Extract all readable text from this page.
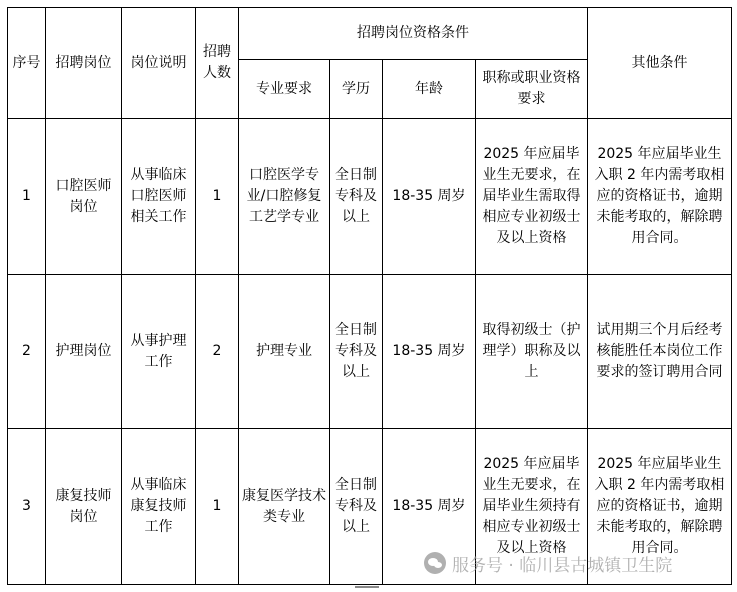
序号	招聘岗位	岗位说明	招聘人数	招聘岗位资格条件				其他条件
				专业要求	学历	年龄	职称或职业资格要求	
1	口腔医师岗位	从事临床口腔医师相关工作	1	口腔医学专业/口腔修复工艺学专业	全日制专科及以上	18-35 周岁	2025 年应届毕业生无要求，在届毕业生需取得相应专业初级士及以上资格	2025 年应届毕业生入职 2 年内需考取相应的资格证书，逾期未能考取的，解除聘用合同。
2	护理岗位	从事护理工作	2	护理专业	全日制专科及以上	18-35 周岁	取得初级士（护理学）职称及以上	试用期三个月后经考核能胜任本岗位工作要求的签订聘用合同
3	康复技师岗位	从事临床康复技师工作	1	康复医学技术类专业	全日制专科及以上	18-35 周岁	2025 年应届毕业生无要求，在届毕业生须持有相应专业初级士及以上资格	2025 年应届毕业生入职 2 年内需考取相应的资格证书，逾期未能考取的，解除聘用合同。
服务号 · 临川县古城镇卫生院
